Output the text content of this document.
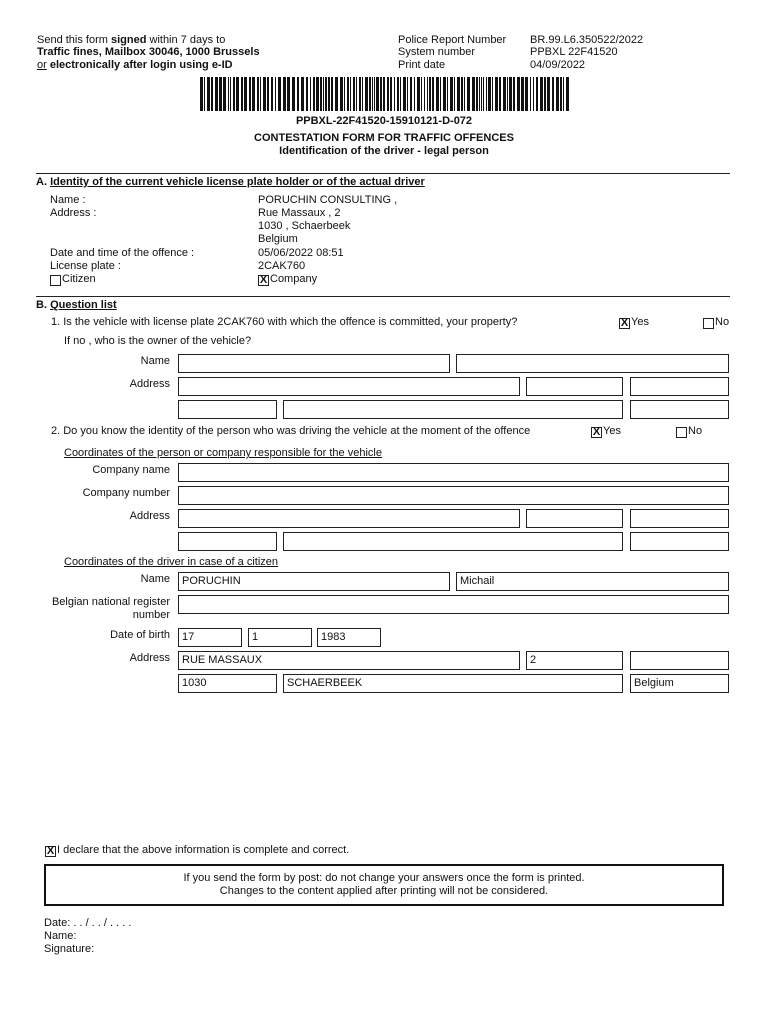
Send this form signed within 7 days to
Traffic fines, Mailbox 30046, 1000 Brussels
or electronically after login using e-ID
Police Report Number BR.99.L6.350522/2022
System number	PPBXL 22F41520
Print date	04/09/2022
PPBXL-22F41520-15910121-D-072
CONTESTATION FORM FOR TRAFFIC OFFENCES
Identification of the driver - legal person
A. Identity of the current vehicle license plate holder or of the actual driver
Name :	PORUCHIN CONSULTING ,
Address :	Rue Massaux , 2
1030 , Schaerbeek
Belgium
Date and time of the offence :	05/06/2022 08:51
License plate :	2CAK760
Citizen	X Company
B. Question list
1. Is the vehicle with license plate 2CAK760 with which the offence is committed, your property?	X Yes	No
If no , who is the owner of the vehicle?
Name
Address
2. Do you know the identity of the person who was driving the vehicle at the moment of the offence	X Yes	No
Coordinates of the person or company responsible for the vehicle
Company name
Company number
Address
Coordinates of the driver in case of a citizen
Name	PORUCHIN	Michail
Belgian national register
number
Date of birth	17	1	1983
Address	RUE MASSAUX	2
1030	SCHAERBEEK	Belgium
X I declare that the above information is complete and correct.
If you send the form by post: do not change your answers once the form is printed.
Changes to the content applied after printing will not be considered.
Date: . . / . . / . . . .
Name:
Signature:
